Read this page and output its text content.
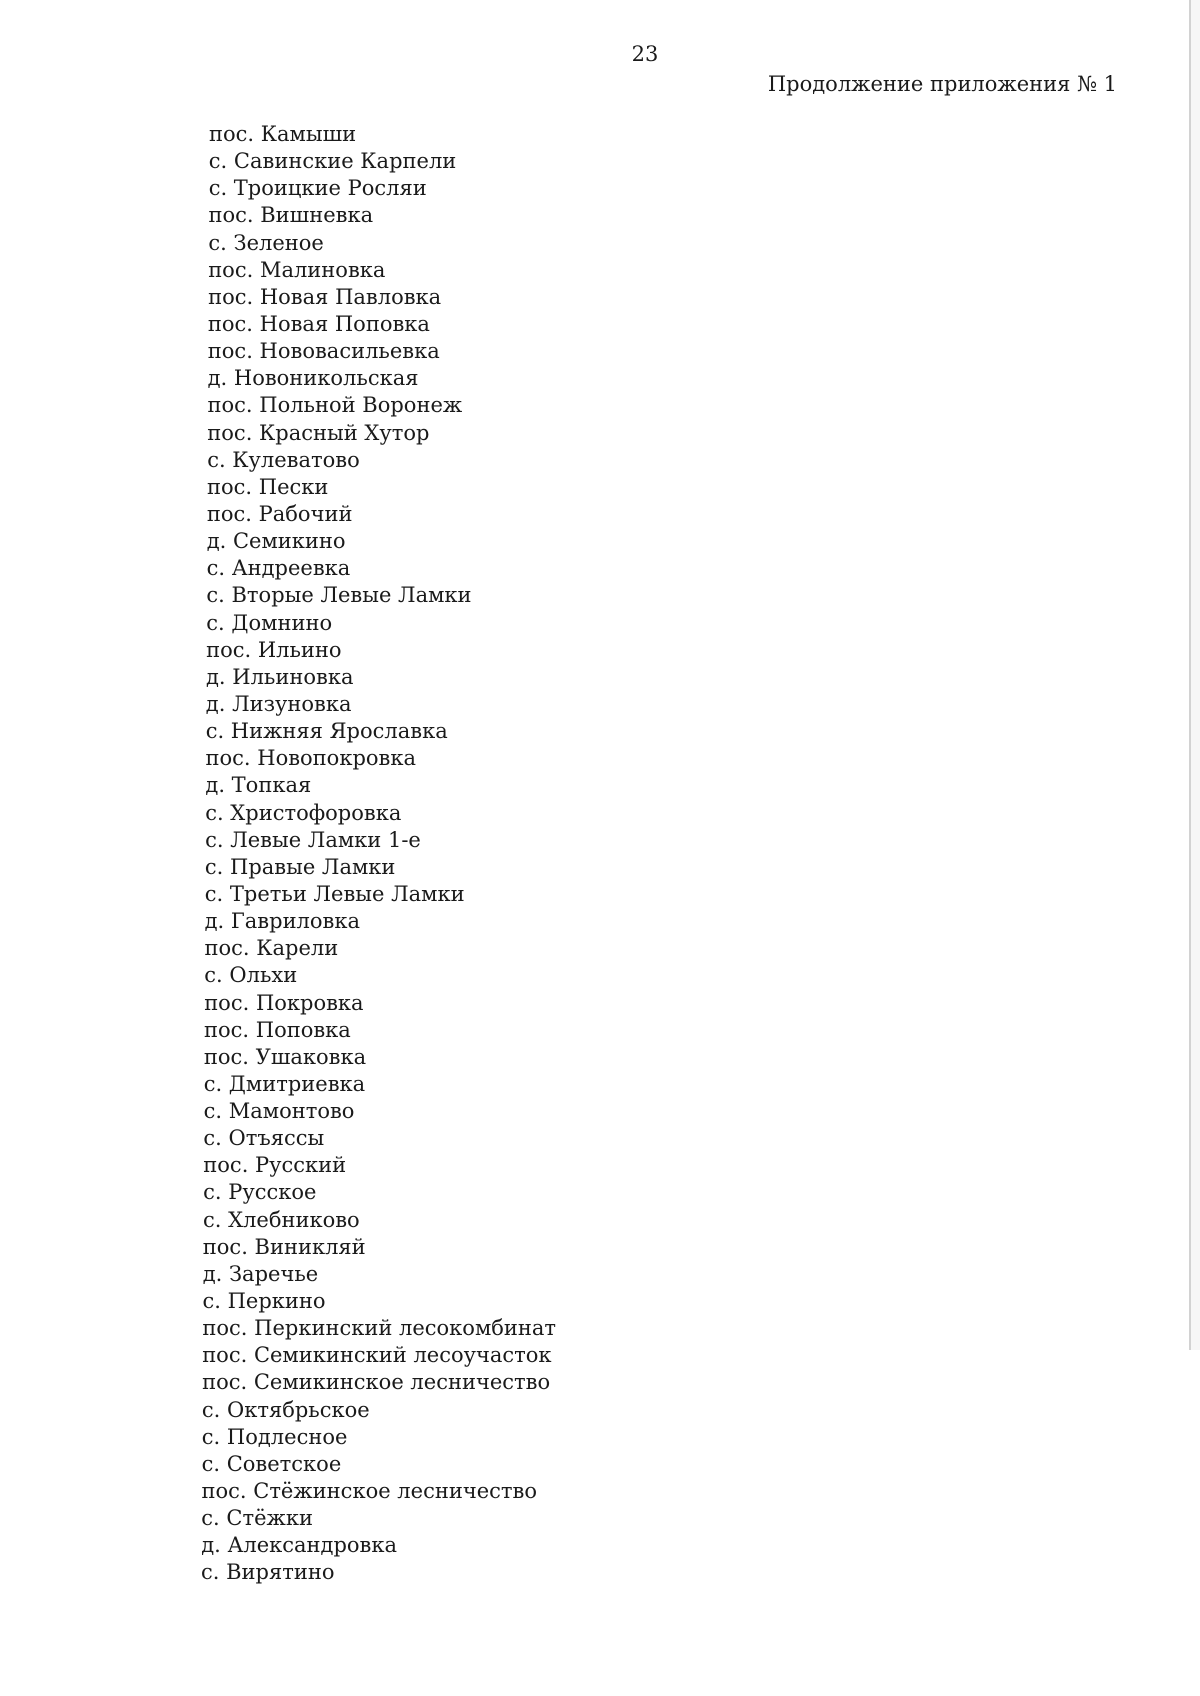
23
Продолжение приложения № 1
пос. Камыши
с. Савинские Карпели
с. Троицкие Росляи
пос. Вишневка
с. Зеленое
пос. Малиновка
пос. Новая Павловка
пос. Новая Поповка
пос. Нововасильевка
д. Новоникольская
пос. Польной Воронеж
пос. Красный Хутор
с. Кулеватово
пос. Пески
пос. Рабочий
д. Семикино
с. Андреевка
с. Вторые Левые Ламки
с. Домнино
пос. Ильино
д. Ильиновка
д. Лизуновка
с. Нижняя Ярославка
пос. Новопокровка
д. Топкая
с. Христофоровка
с. Левые Ламки 1-е
с. Правые Ламки
с. Третьи Левые Ламки
д. Гавриловка
пос. Карели
с. Ольхи
пос. Покровка
пос. Поповка
пос. Ушаковка
с. Дмитриевка
с. Мамонтово
с. Отъяссы
пос. Русский
с. Русское
с. Хлебниково
пос. Виникляй
д. Заречье
с. Перкино
пос. Перкинский лесокомбинат
пос. Семикинский лесоучасток
пос. Семикинское лесничество
с. Октябрьское
с. Подлесное
с. Советское
пос. Стёжинское лесничество
с. Стёжки
д. Александровка
с. Вирятино
